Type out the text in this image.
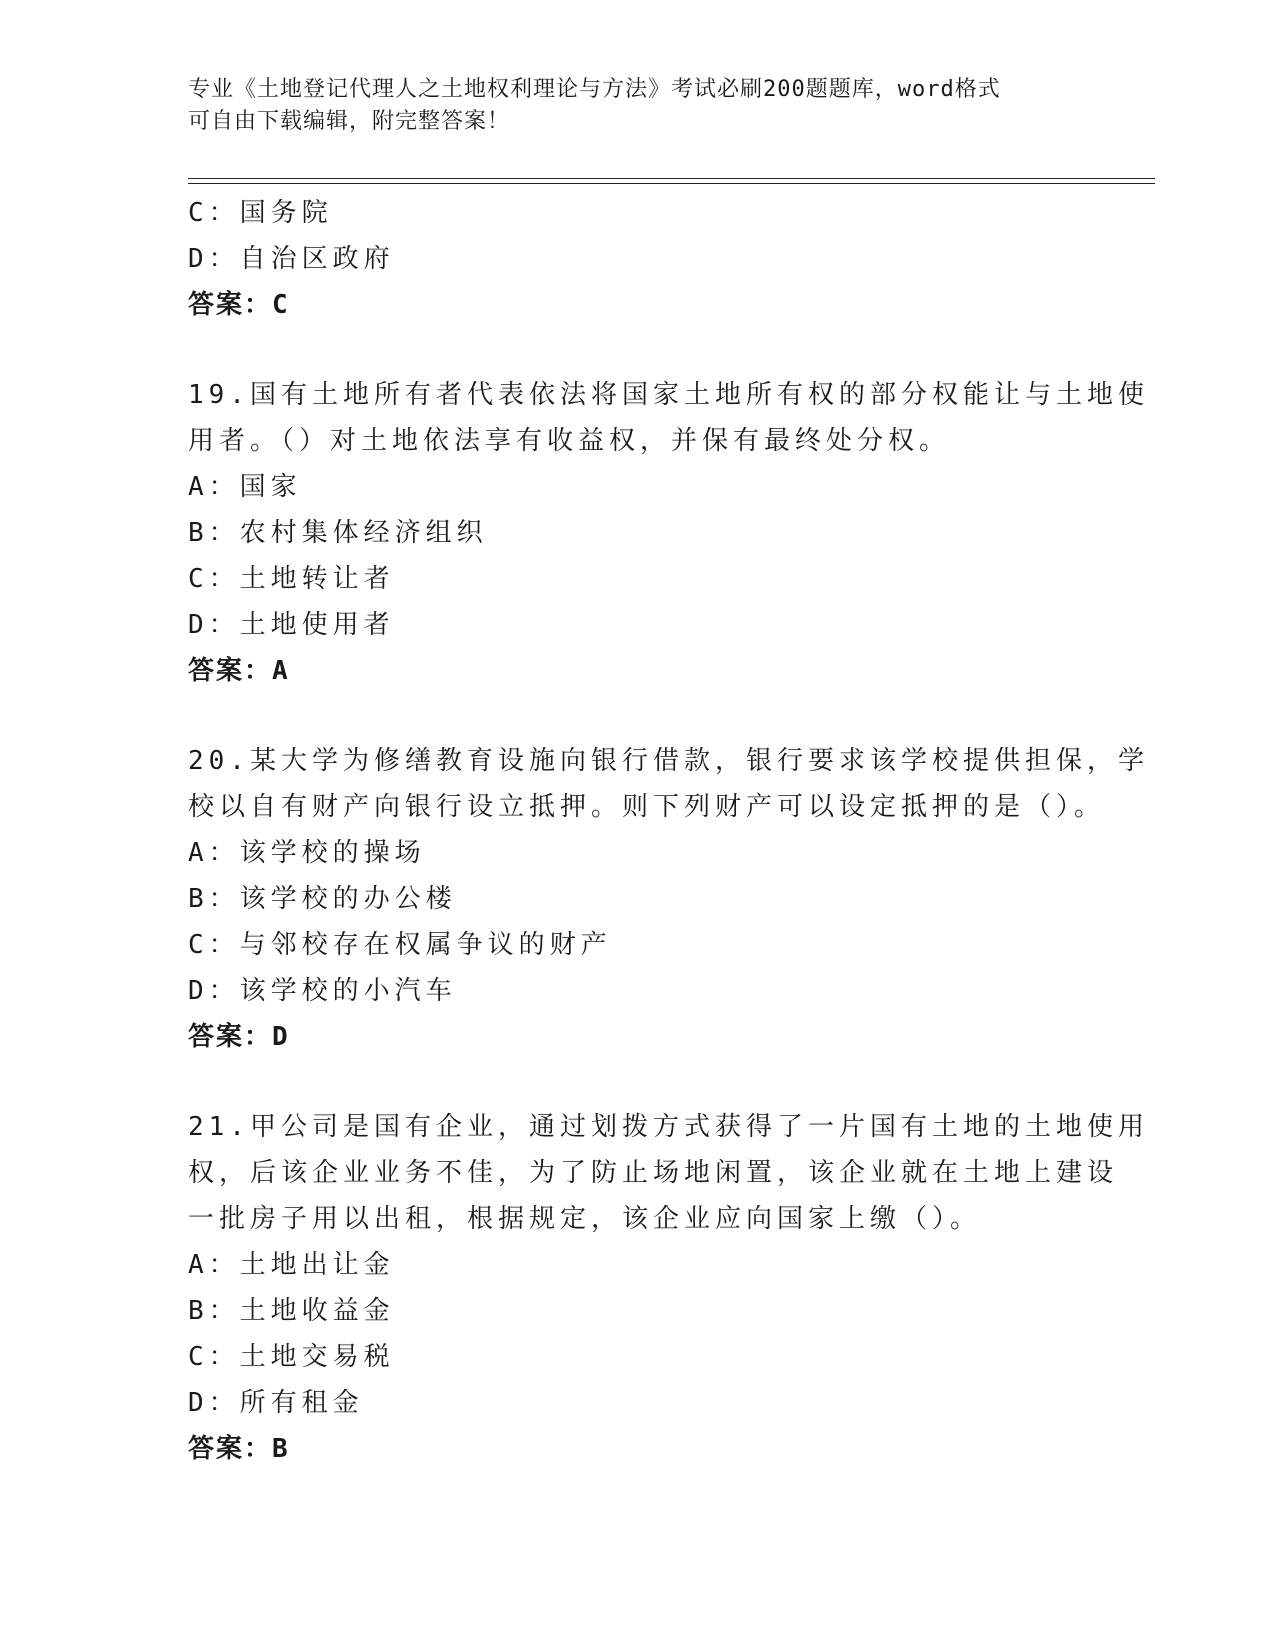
专业《土地登记代理人之土地权利理论与方法》考试必刷200题题库，word格式
可自由下载编辑，附完整答案！
C：国务院
D：自治区政府
答案：C
19.国有土地所有者代表依法将国家土地所有权的部分权能让与土地使
用者。（）对土地依法享有收益权，并保有最终处分权。
A：国家
B：农村集体经济组织
C：土地转让者
D：土地使用者
答案：A
20.某大学为修缮教育设施向银行借款，银行要求该学校提供担保，学
校以自有财产向银行设立抵押。则下列财产可以设定抵押的是（）。
A：该学校的操场
B：该学校的办公楼
C：与邻校存在权属争议的财产
D：该学校的小汽车
答案：D
21.甲公司是国有企业，通过划拨方式获得了一片国有土地的土地使用
权，后该企业业务不佳，为了防止场地闲置，该企业就在土地上建设
一批房子用以出租，根据规定，该企业应向国家上缴（）。
A：土地出让金
B：土地收益金
C：土地交易税
D：所有租金
答案：B
